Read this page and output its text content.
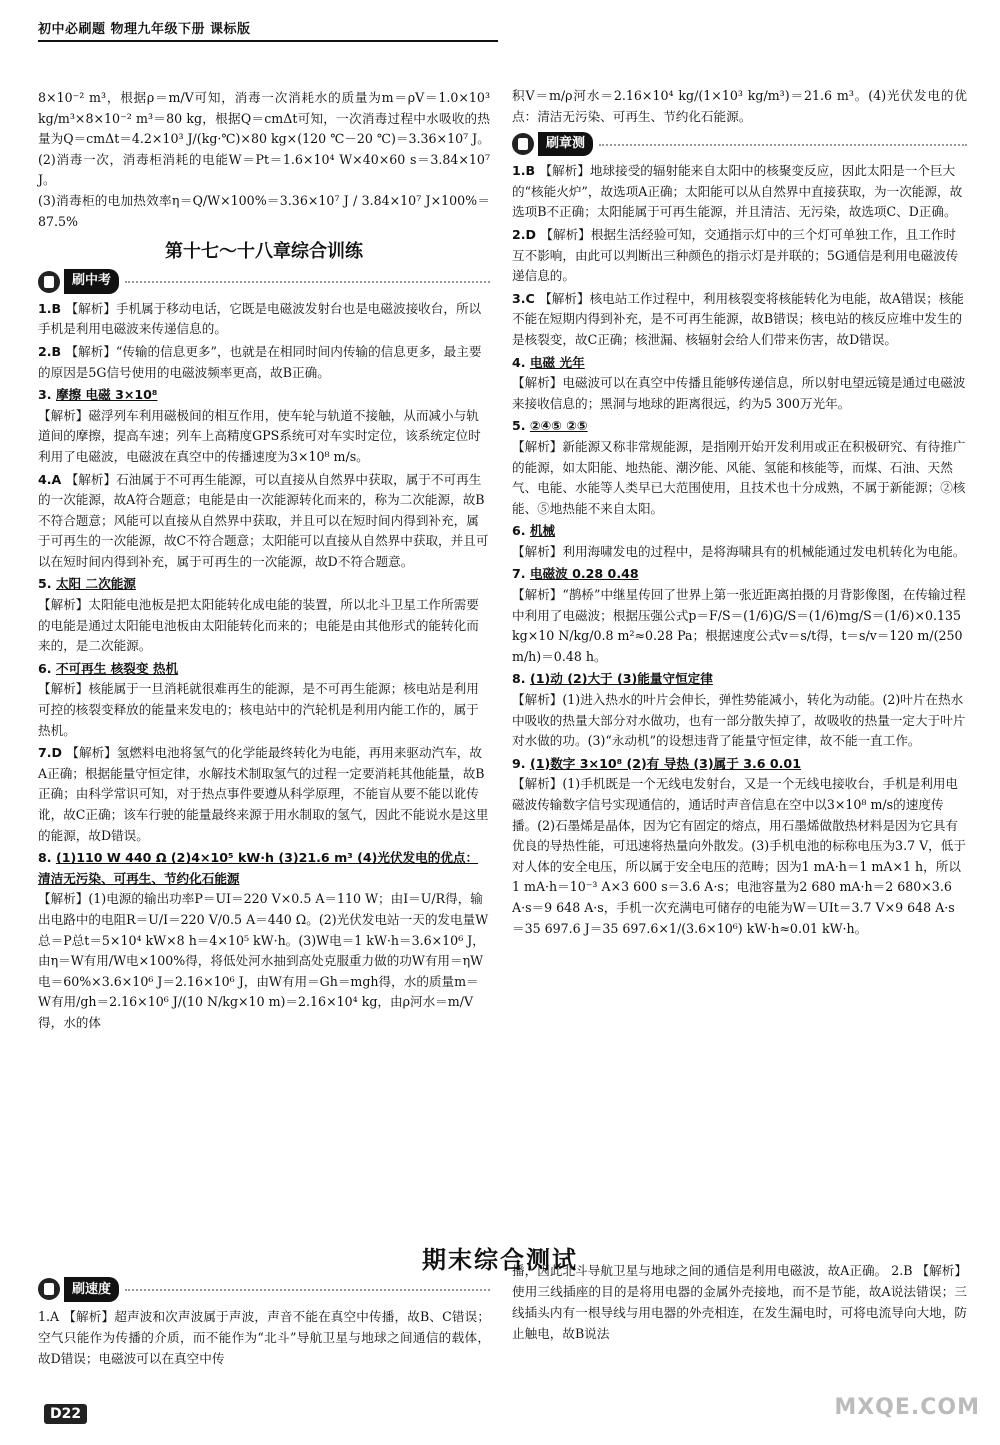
初中必刷题 物理九年级下册 课标版

8×10⁻² m³，根据ρ＝m/V可知，消毒一次消耗水的质量为m＝ρV＝1.0×10³ kg/m³×8×10⁻² m³＝80 kg，根据Q＝cmΔt可知，一次消毒过程中水吸收的热量为Q＝cmΔt＝4.2×10³ J/(kg·℃)×80 kg×(120 ℃－20 ℃)＝3.36×10⁷ J。

(2)消毒一次，消毒柜消耗的电能W＝Pt＝1.6×10⁴ W×40×60 s＝3.84×10⁷ J。

(3)消毒柜的电加热效率η＝Q/W×100%＝3.36×10⁷ J / 3.84×10⁷ J×100%＝87.5%

第十七～十八章综合训练
刷中考
1.B 【解析】手机属于移动电话，它既是电磁波发射台也是电磁波接收台，所以手机是利用电磁波来传递信息的。
2.B 【解析】“传输的信息更多”，也就是在相同时间内传输的信息更多，最主要的原因是5G信号使用的电磁波频率更高，故B正确。
3. 摩擦 电磁 3×10⁸
【解析】磁浮列车利用磁极间的相互作用，使车轮与轨道不接触，从而减小与轨道间的摩擦，提高车速；列车上高精度GPS系统可对车实时定位，该系统定位时利用了电磁波，电磁波在真空中的传播速度为3×10⁸ m/s。
4.A 【解析】石油属于不可再生能源，可以直接从自然界中获取，属于不可再生的一次能源，故A符合题意；电能是由一次能源转化而来的，称为二次能源，故B不符合题意；风能可以直接从自然界中获取，并且可以在短时间内得到补充，属于可再生的一次能源，故C不符合题意；太阳能可以直接从自然界中获取，并且可以在短时间内得到补充，属于可再生的一次能源，故D不符合题意。
5. 太阳 二次能源
【解析】太阳能电池板是把太阳能转化成电能的装置，所以北斗卫星工作所需要的电能是通过太阳能电池板由太阳能转化而来的；电能是由其他形式的能转化而来的，是二次能源。
6. 不可再生 核裂变 热机
【解析】核能属于一旦消耗就很难再生的能源，是不可再生能源；核电站是利用可控的核裂变释放的能量来发电的；核电站中的汽轮机是利用内能工作的，属于热机。
7.D 【解析】氢燃料电池将氢气的化学能最终转化为电能，再用来驱动汽车，故A正确；根据能量守恒定律，水解技术制取氢气的过程一定要消耗其他能量，故B正确；由科学常识可知，对于热点事件要遵从科学原理，不能盲从要不能以讹传讹，故C正确；该车行驶的能量最终来源于用水制取的氢气，因此不能说水是这里的能源，故D错误。
8. (1)110 W 440 Ω (2)4×10⁵ kW·h (3)21.6 m³ (4)光伏发电的优点：清洁无污染、可再生、节约化石能源
【解析】(1)电源的输出功率P＝UI＝220 V×0.5 A＝110 W；由I＝U/R得，输出电路中的电阻R＝U/I＝220 V/0.5 A＝440 Ω。(2)光伏发电站一天的发电量W总＝P总t＝5×10⁴ kW×8 h＝4×10⁵ kW·h。(3)W电＝1 kW·h＝3.6×10⁶ J，由η＝W有用/W电×100%得，将低处河水抽到高处克服重力做的功W有用＝ηW电＝60%×3.6×10⁶ J＝2.16×10⁶ J，由W有用＝Gh＝mgh得，水的质量m＝W有用/gh＝2.16×10⁶ J/(10 N/kg×10 m)＝2.16×10⁴ kg，由ρ河水＝m/V得，水的体

积V＝m/ρ河水＝2.16×10⁴ kg/(1×10³ kg/m³)＝21.6 m³。(4)光伏发电的优点：清洁无污染、可再生、节约化石能源。

刷章测
1.B 【解析】地球接受的辐射能来自太阳中的核聚变反应，因此太阳是一个巨大的“核能火炉”，故选项A正确；太阳能可以从自然界中直接获取，为一次能源，故选项B不正确；太阳能属于可再生能源，并且清洁、无污染，故选项C、D正确。
2.D 【解析】根据生活经验可知，交通指示灯中的三个灯可单独工作，且工作时互不影响，由此可以判断出三种颜色的指示灯是并联的；5G通信是利用电磁波传递信息的。
3.C 【解析】核电站工作过程中，利用核裂变将核能转化为电能，故A错误；核能不能在短期内得到补充，是不可再生能源，故B错误；核电站的核反应堆中发生的是核裂变，故C正确；核泄漏、核辐射会给人们带来伤害，故D错误。
4. 电磁 光年
【解析】电磁波可以在真空中传播且能够传递信息，所以射电望远镜是通过电磁波来接收信息的；黑洞与地球的距离很远，约为5 300万光年。
5. ②④⑤ ②⑤
【解析】新能源又称非常规能源，是指刚开始开发利用或正在积极研究、有待推广的能源，如太阳能、地热能、潮汐能、风能、氢能和核能等，而煤、石油、天然气、电能、水能等人类早已大范围使用，且技术也十分成熟，不属于新能源；②核能、⑤地热能不来自太阳。
6. 机械
【解析】利用海啸发电的过程中，是将海啸具有的机械能通过发电机转化为电能。
7. 电磁波 0.28 0.48
【解析】“鹊桥”中继星传回了世界上第一张近距离拍摄的月背影像图，在传输过程中利用了电磁波；根据压强公式p＝F/S＝(1/6)G/S＝(1/6)mg/S＝(1/6)×0.135 kg×10 N/kg/0.8 m²≈0.28 Pa；根据速度公式v＝s/t得，t＝s/v＝120 m/(250 m/h)＝0.48 h。
8. (1)动 (2)大于 (3)能量守恒定律
【解析】(1)进入热水的叶片会伸长，弹性势能减小，转化为动能。(2)叶片在热水中吸收的热量大部分对水做功，也有一部分散失掉了，故吸收的热量一定大于叶片对水做的功。(3)“永动机”的设想违背了能量守恒定律，故不能一直工作。
9. (1)数字 3×10⁸ (2)有 导热 (3)属于 3.6 0.01
【解析】(1)手机既是一个无线电发射台，又是一个无线电接收台，手机是利用电磁波传输数字信号实现通信的，通话时声音信息在空中以3×10⁸ m/s的速度传播。(2)石墨烯是晶体，因为它有固定的熔点，用石墨烯做散热材料是因为它具有优良的导热性能，可迅速将热量向外散发。(3)手机电池的标称电压为3.7 V，低于对人体的安全电压，所以属于安全电压的范畴；因为1 mA·h＝1 mA×1 h，所以1 mA·h＝10⁻³ A×3 600 s＝3.6 A·s；电池容量为2 680 mA·h＝2 680×3.6 A·s＝9 648 A·s，手机一次充满电可储存的电能为W＝UIt＝3.7 V×9 648 A·s＝35 697.6 J＝35 697.6×1/(3.6×10⁶) kW·h≈0.01 kW·h。
期末综合测试
刷速度

1.A 【解析】超声波和次声波属于声波，声音不能在真空中传播，故B、C错误；空气只能作为传播的介质，而不能作为“北斗”导航卫星与地球之间通信的载体，故D错误；电磁波可以在真空中传

播，因此北斗导航卫星与地球之间的通信是利用电磁波，故A正确。 2.B 【解析】使用三线插座的目的是将用电器的金属外壳接地，而不是节能，故A说法错误；三线插头内有一根导线与用电器的外壳相连，在发生漏电时，可将电流导向大地，防止触电，故B说法

D22	MXQE.COM
